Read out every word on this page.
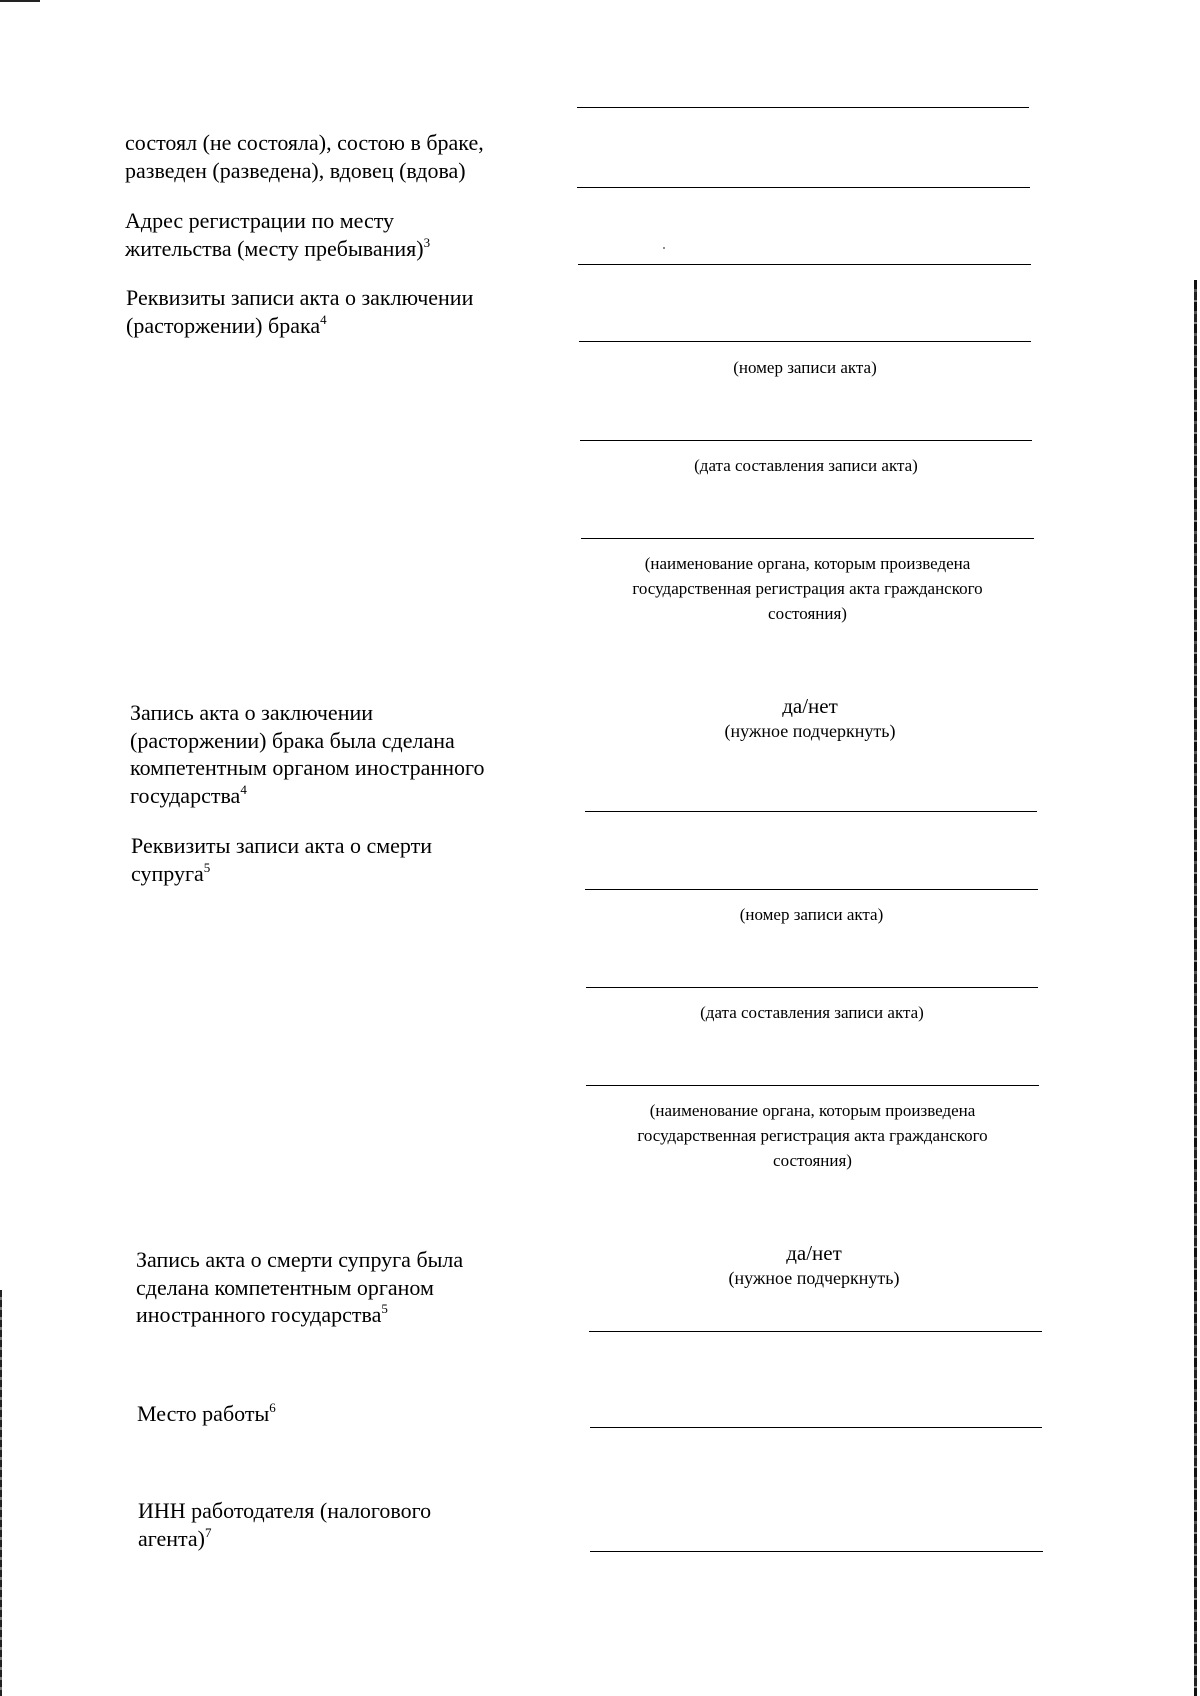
состоял (не состояла), состою в браке,
разведен (разведена), вдовец (вдова)
Адрес регистрации по месту
жительства (месту пребывания)$^3$
Реквизиты записи акта о заключении
(расторжении) брака$^4$
(номер записи акта)
(дата составления записи акта)
(наименование органа, которым произведена
государственная регистрация акта гражданского
состояния)
Запись акта о заключении
(расторжении) брака была сделана
компетентным органом иностранного
государства$^4$
да/нет
(нужное подчеркнуть)
Реквизиты записи акта о смерти
супруга$^5$
(номер записи акта)
(дата составления записи акта)
(наименование органа, которым произведена
государственная регистрация акта гражданского
состояния)
Запись акта о смерти супруга была
сделана компетентным органом
иностранного государства$^5$
да/нет
(нужное подчеркнуть)
Место работы$^6$
ИНН работодателя (налогового
агента)$^7$
